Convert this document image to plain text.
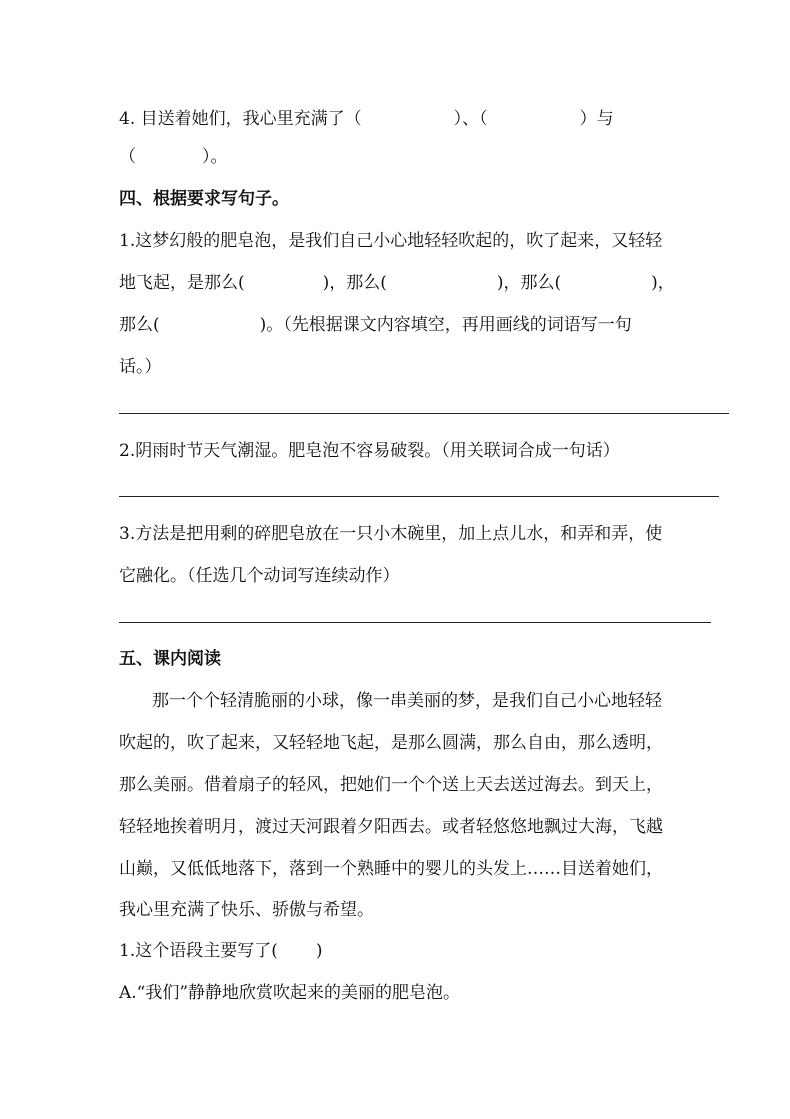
4. 目送着她们，我心里充满了（	）、（	）与
（	）。
四、根据要求写句子。
1.这梦幻般的肥皂泡，是我们自己小心地轻轻吹起的，吹了起来，又轻轻
地飞起，是那么(	)，那么(	)，那么(	)，
那么(	)。（先根据课文内容填空，再用画线的词语写一句
话。）
2.阴雨时节天气潮湿。肥皂泡不容易破裂。（用关联词合成一句话）
3.方法是把用剩的碎肥皂放在一只小木碗里，加上点儿水，和弄和弄，使
它融化。（任选几个动词写连续动作）
五、课内阅读
那一个个轻清脆丽的小球，像一串美丽的梦，是我们自己小心地轻轻
吹起的，吹了起来，又轻轻地飞起，是那么圆满，那么自由，那么透明，
那么美丽。借着扇子的轻风，把她们一个个送上天去送过海去。到天上，
轻轻地挨着明月，渡过天河跟着夕阳西去。或者轻悠悠地飘过大海，飞越
山巅，又低低地落下，落到一个熟睡中的婴儿的头发上……目送着她们，
我心里充满了快乐、骄傲与希望。
1.这个语段主要写了( )
A.“我们”静静地欣赏吹起来的美丽的肥皂泡。
